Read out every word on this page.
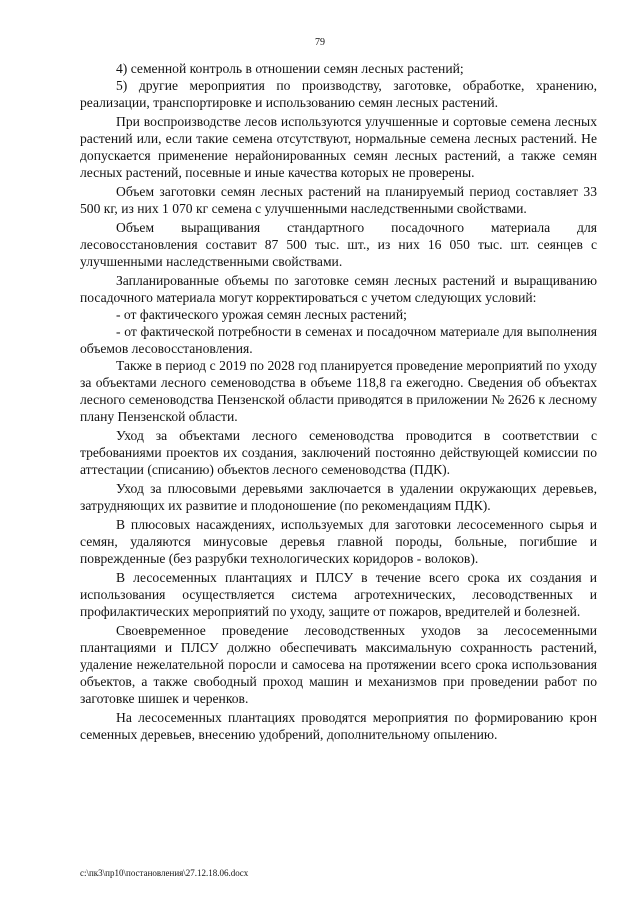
79

4) семенной контроль в отношении семян лесных растений;

5) другие мероприятия по производству, заготовке, обработке, хранению, реализации, транспортировке и использованию семян лесных растений.

При воспроизводстве лесов используются улучшенные и сортовые семена лесных растений или, если такие семена отсутствуют, нормальные семена лесных растений. Не допускается применение нерайонированных семян лесных растений, а также семян лесных растений, посевные и иные качества которых не проверены.

Объем заготовки семян лесных растений на планируемый период составляет 33 500 кг, из них 1 070 кг семена с улучшенными наследственными свойствами.

Объем выращивания стандартного посадочного материала для лесовосстановления составит 87 500 тыс. шт., из них 16 050 тыс. шт. сеянцев с улучшенными наследственными свойствами.

Запланированные объемы по заготовке семян лесных растений и выращиванию посадочного материала могут корректироваться с учетом следующих условий:

- от фактического урожая семян лесных растений;

- от фактической потребности в семенах и посадочном материале для выполнения объемов лесовосстановления.

Также в период с 2019 по 2028 год планируется проведение мероприятий по уходу за объектами лесного семеноводства в объеме 118,8 га ежегодно. Сведения об объектах лесного семеноводства Пензенской области приводятся в приложении № 2626 к лесному плану Пензенской области.

Уход за объектами лесного семеноводства проводится в соответствии с требованиями проектов их создания, заключений постоянно действующей комиссии по аттестации (списанию) объектов лесного семеноводства (ПДК).

Уход за плюсовыми деревьями заключается в удалении окружающих деревьев, затрудняющих их развитие и плодоношение (по рекомендациям ПДК).

В плюсовых насаждениях, используемых для заготовки лесосеменного сырья и семян, удаляются минусовые деревья главной породы, больные, погибшие и поврежденные (без разрубки технологических коридоров - волоков).

В лесосеменных плантациях и ПЛСУ в течение всего срока их создания и использования осуществляется система агротехнических, лесоводственных и профилактических мероприятий по уходу, защите от пожаров, вредителей и болезней.

Своевременное проведение лесоводственных уходов за лесосеменными плантациями и ПЛСУ должно обеспечивать максимальную сохранность растений, удаление нежелательной поросли и самосева на протяжении всего срока использования объектов, а также свободный проход машин и механизмов при проведении работ по заготовке шишек и черенков.

На лесосеменных плантациях проводятся мероприятия по формированию крон семенных деревьев, внесению удобрений, дополнительному опылению.

c:\пк3\пр10\постановления\27.12.18.06.docx
